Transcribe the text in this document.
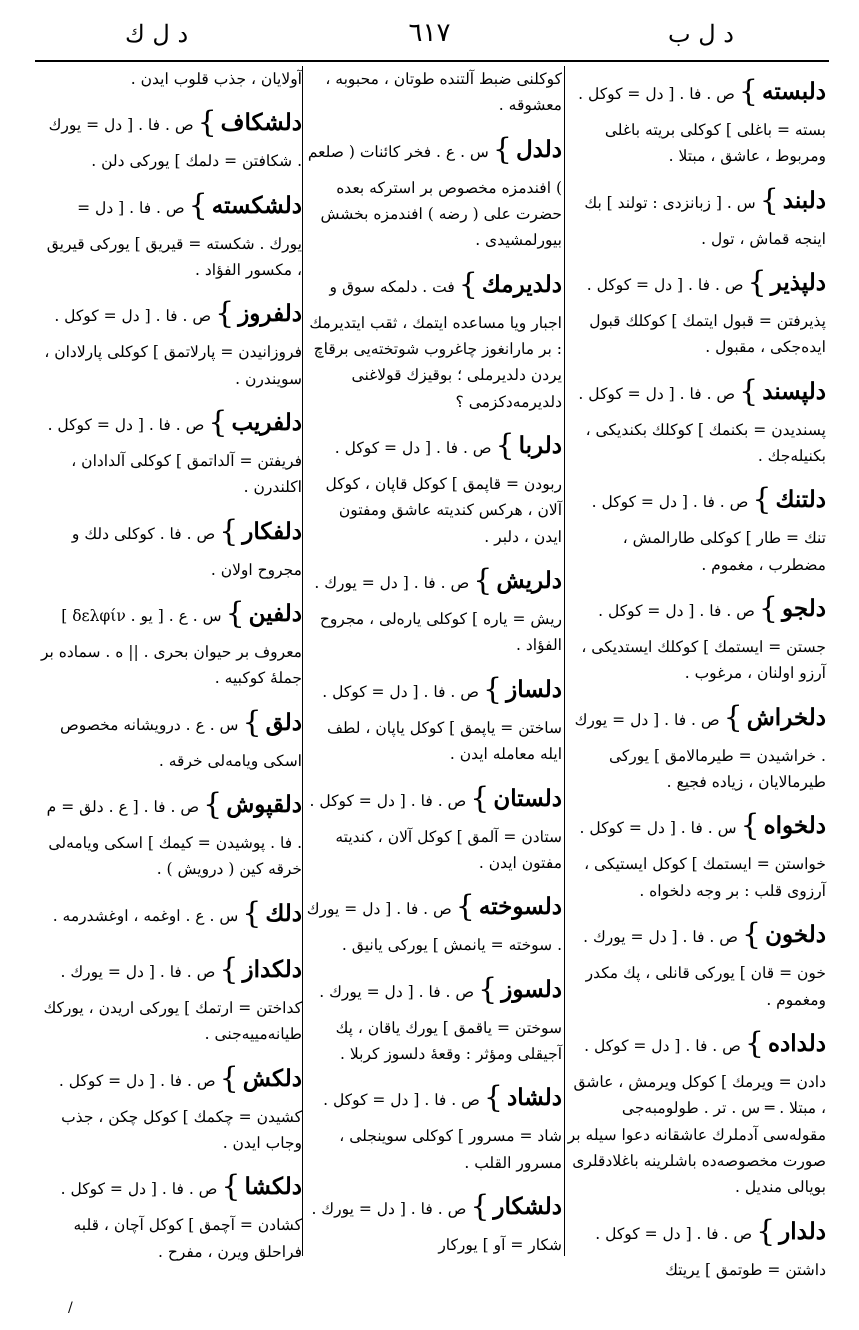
د ل ك	٦١٧	د ل ب
دلبسته}ص . فا . [ دل = كوكل . بسته = باغلى ] كوكلى بريته باغلى ومربوط ، عاشق ، مبتلا .
دلبند}س . [ زبانزدى : تولند ] بك اينجه قماش ، تول .
دلپذير}ص . فا . [ دل = كوكل . پذيرفتن = قبول ايتمك ] كوكلك قبول ايده‌جكى ، مقبول .
دلپسند}ص . فا . [ دل = كوكل . پسنديدن = بكنمك ] كوكلك بكنديكى ، بكنيله‌جك .
دلتنك}ص . فا . [ دل = كوكل . تنك = طار ] كوكلى طارالمش ، مضطرب ، مغموم .
دلجو}ص . فا . [ دل = كوكل . جستن = ايستمك ] كوكلك ايستديكى ، آرزو اولنان ، مرغوب .
دلخراش}ص . فا . [ دل = يورك . خراشيدن = طيرمالامق ] يوركى طيرمالايان ، زياده فجيع .
دلخواه}س . فا . [ دل = كوكل . خواستن = ايستمك ] كوكل ايستيكى ، آرزوى قلب : بر وجه دلخواه .
دلخون}ص . فا . [ دل = يورك . خون = قان ] يوركى قانلى ، پك مكدر ومغموم .
دلداده}ص . فا . [ دل = كوكل . دادن = ويرمك ] كوكل ويرمش ، عاشق ، مبتلا . ═ س . تر . طولومبه‌جى مقوله‌سى آدملرك عاشقانه دعوا سيله بر صورت مخصوصه‌ده باشلرينه باغلادقلرى بويالى منديل .
دلدار}ص . فا . [ دل = كوكل . داشتن = طوتمق ] يريتك
كوكلنى ضبط آلتنده طوتان ، محبوبه ، معشوقه .
دلدل}س . ع . فخر كائنات ( صلعم ) افندمزه مخصوص بر استركه بعده حضرت على ( رضه ) افندمزه بخشش بيورلمشيدى .
دلديرمك}فت . دلمكه سوق و اجبار ويا مساعده ايتمك ، ثقب ايتديرمك : بر مارانغوز چاغروب شوتخته‌يى برقاچ يردن دلديرملى ؛ بوقيزك قولاغنى دلديرمه‌دكزمى ؟
دلربا}ص . فا . [ دل = كوكل . ربودن = قاپمق ] كوكل قاپان ، كوكل آلان ، هركس كنديته عاشق ومفتون ايدن ، دلبر .
دلريش}ص . فا . [ دل = يورك . ريش = ياره ] كوكلى يارەلى ، مجروح الفؤاد .
دلساز}ص . فا . [ دل = كوكل . ساختن = ياپمق ] كوكل ياپان ، لطف ايله معامله ايدن .
دلستان}ص . فا . [ دل = كوكل . ستادن = آلمق ] كوكل آلان ، كنديته مفتون ايدن .
دلسوخته}ص . فا . [ دل = يورك . سوخته = يانمش ] يوركى يانيق .
دلسوز}ص . فا . [ دل = يورك . سوختن = ياقمق ] يورك ياقان ، پك آجيقلى ومؤثر : وقعهٔ دلسوز كربلا .
دلشاد}ص . فا . [ دل = كوكل . شاد = مسرور ] كوكلى سوينجلى ، مسرور القلب .
دلشكار}ص . فا . [ دل = يورك . شكار = آو ] يوركار
آولايان ، جذب قلوب ايدن .
دلشكاف}ص . فا . [ دل = يورك . شكافتن = دلمك ] يوركى دلن .
دلشكسته}ص . فا . [ دل = يورك . شكسته = قيريق ] يوركى قيريق ، مكسور الفؤاد .
دلفروز}ص . فا . [ دل = كوكل . فروزانيدن = پارلاتمق ] كوكلى پارلادان ، سويندرن .
دلفريب}ص . فا . [ دل = كوكل . فريفتن = آلداتمق ] كوكلى آلدادان ، اكلندرن .
دلفكار}ص . فا . كوكلى دلك و مجروح اولان .
دلفين}س . ع . [ يو . δελφίν ] معروف بر حيوان بحرى . || ه . سماده بر جملهٔ كوكبيه .
دلق}س . ع . درويشانه مخصوص اسكى ويامەلى خرقه .
دلقپوش}ص . فا . [ ع . دلق = م . فا . پوشيدن = كيمك ] اسكى ويامەلى خرقه كين ( درويش ) .
دلك}س . ع . اوغمه ، اوغشدرمه .
دلكداز}ص . فا . [ دل = يورك . كداختن = ارتمك ] يوركى اريدن ، يوركك طيانه‌مييه‌جنى .
دلكش}ص . فا . [ دل = كوكل . كشيدن = چكمك ] كوكل چكن ، جذب وجاب ايدن .
دلكشا}ص . فا . [ دل = كوكل . كشادن = آچمق ] كوكل آچان ، قلبه فراحلق ويرن ، مفرح .
/
